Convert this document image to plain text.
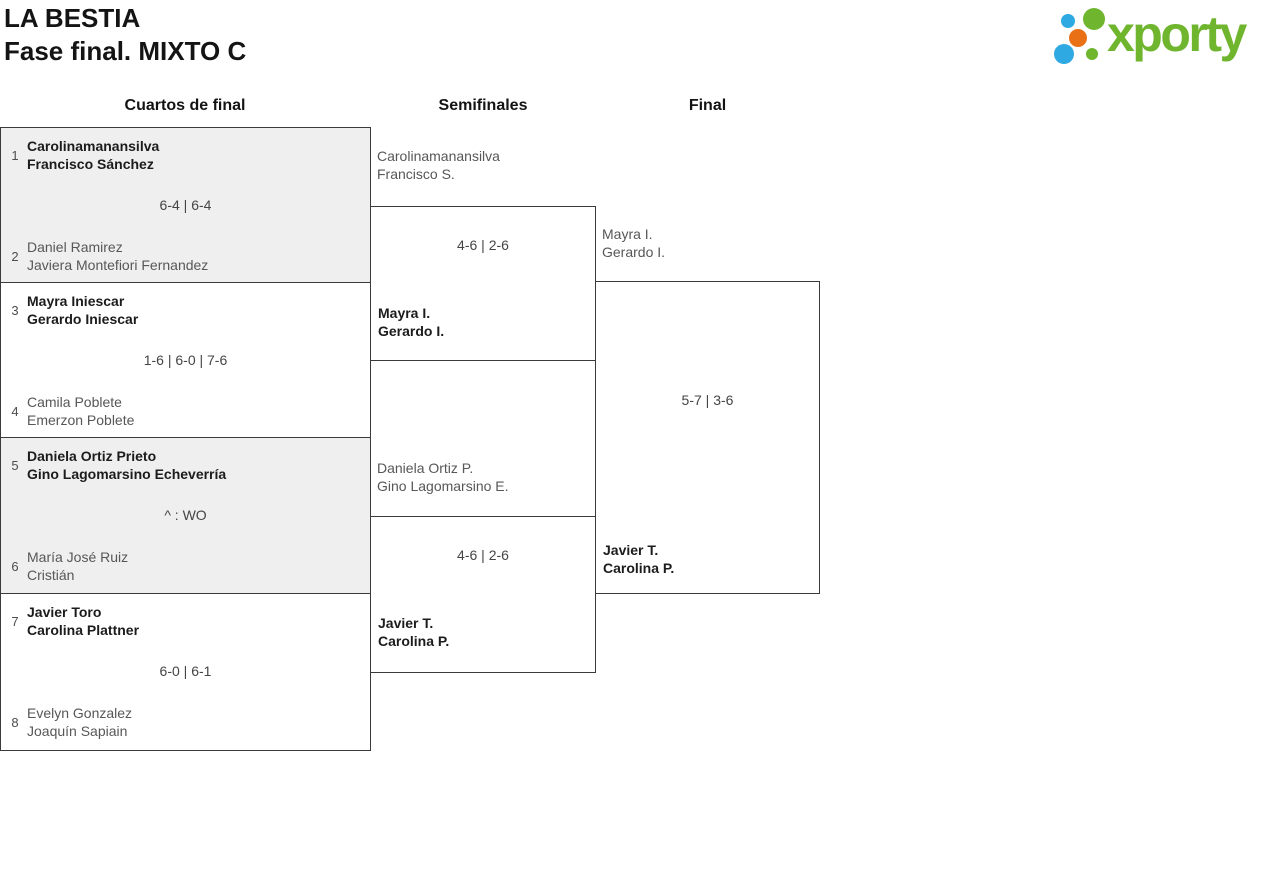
LA BESTIA
Fase final. MIXTO C	xporty
Cuartos de final	Semifinales	Final
1
Carolinamanansilva
Francisco Sánchez
6-4 | 6-4
2
Daniel Ramirez
Javiera Montefiori Fernandez
3
Mayra Iniescar
Gerardo Iniescar
1-6 | 6-0 | 7-6
4
Camila Poblete
Emerzon Poblete
5
Daniela Ortiz Prieto
Gino Lagomarsino Echeverría
^ : WO
6
María José Ruiz
Cristián
7
Javier Toro
Carolina Plattner
6-0 | 6-1
8
Evelyn Gonzalez
Joaquín Sapiain
Carolinamanansilva
Francisco S.
4-6 | 2-6
Mayra I.
Gerardo I.
Daniela Ortiz P.
Gino Lagomarsino E.
4-6 | 2-6
Javier T.
Carolina P.
Mayra I.
Gerardo I.
5-7 | 3-6
Javier T.
Carolina P.
